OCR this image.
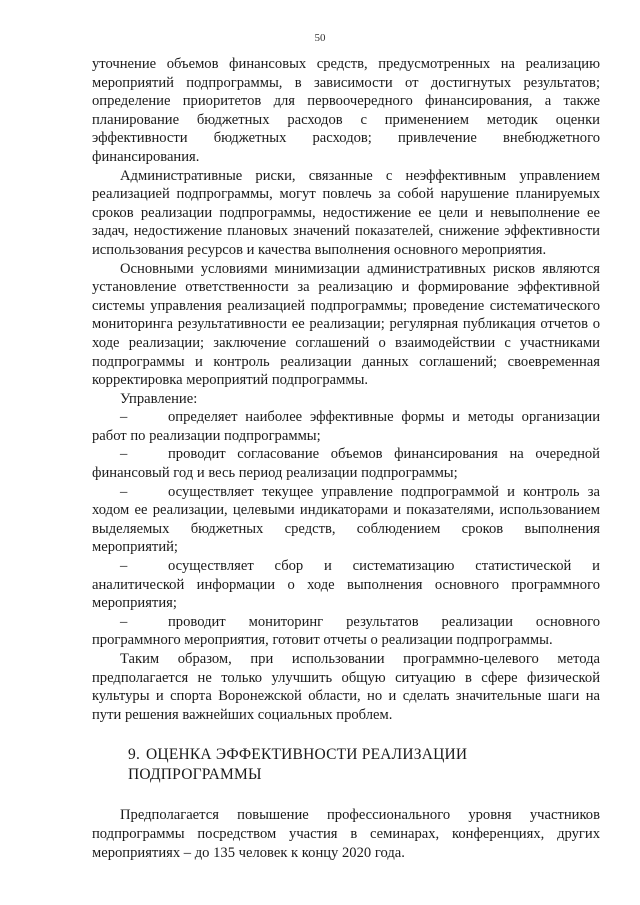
50

уточнение объемов финансовых средств, предусмотренных на реализацию мероприятий подпрограммы, в зависимости от достигнутых результатов; определение приоритетов для первоочередного финансирования, а также планирование бюджетных расходов с применением методик оценки эффективности бюджетных расходов; привлечение внебюджетного финансирования.

Административные риски, связанные с неэффективным управлением реализацией подпрограммы, могут повлечь за собой нарушение планируемых сроков реализации подпрограммы, недостижение ее цели и невыполнение ее задач, недостижение плановых значений показателей, снижение эффективности использования ресурсов и качества выполнения основного мероприятия.

Основными условиями минимизации административных рисков являются установление ответственности за реализацию и формирование эффективной системы управления реализацией подпрограммы; проведение систематического мониторинга результативности ее реализации; регулярная публикация отчетов о ходе реализации; заключение соглашений о взаимодействии с участниками подпрограммы и контроль реализации данных соглашений; своевременная корректировка мероприятий подпрограммы.

Управление:

–	определяет наиболее эффективные формы и методы организации работ по реализации подпрограммы;

–	проводит согласование объемов финансирования на очередной финансовый год и весь период реализации подпрограммы;

–	осуществляет текущее управление подпрограммой и контроль за ходом ее реализации, целевыми индикаторами и показателями, использованием выделяемых бюджетных средств, соблюдением сроков выполнения мероприятий;

–	осуществляет сбор и систематизацию статистической и аналитической информации о ходе выполнения основного программного мероприятия;

–	проводит мониторинг результатов реализации основного программного мероприятия, готовит отчеты о реализации подпрограммы.

Таким образом, при использовании программно-целевого метода предполагается не только улучшить общую ситуацию в сфере физической культуры и спорта Воронежской области, но и сделать значительные шаги на пути решения важнейших социальных проблем.

9. ОЦЕНКА ЭФФЕКТИВНОСТИ РЕАЛИЗАЦИИ ПОДПРОГРАММЫ

Предполагается повышение профессионального уровня участников подпрограммы посредством участия в семинарах, конференциях, других мероприятиях – до 135 человек к концу 2020 года.
